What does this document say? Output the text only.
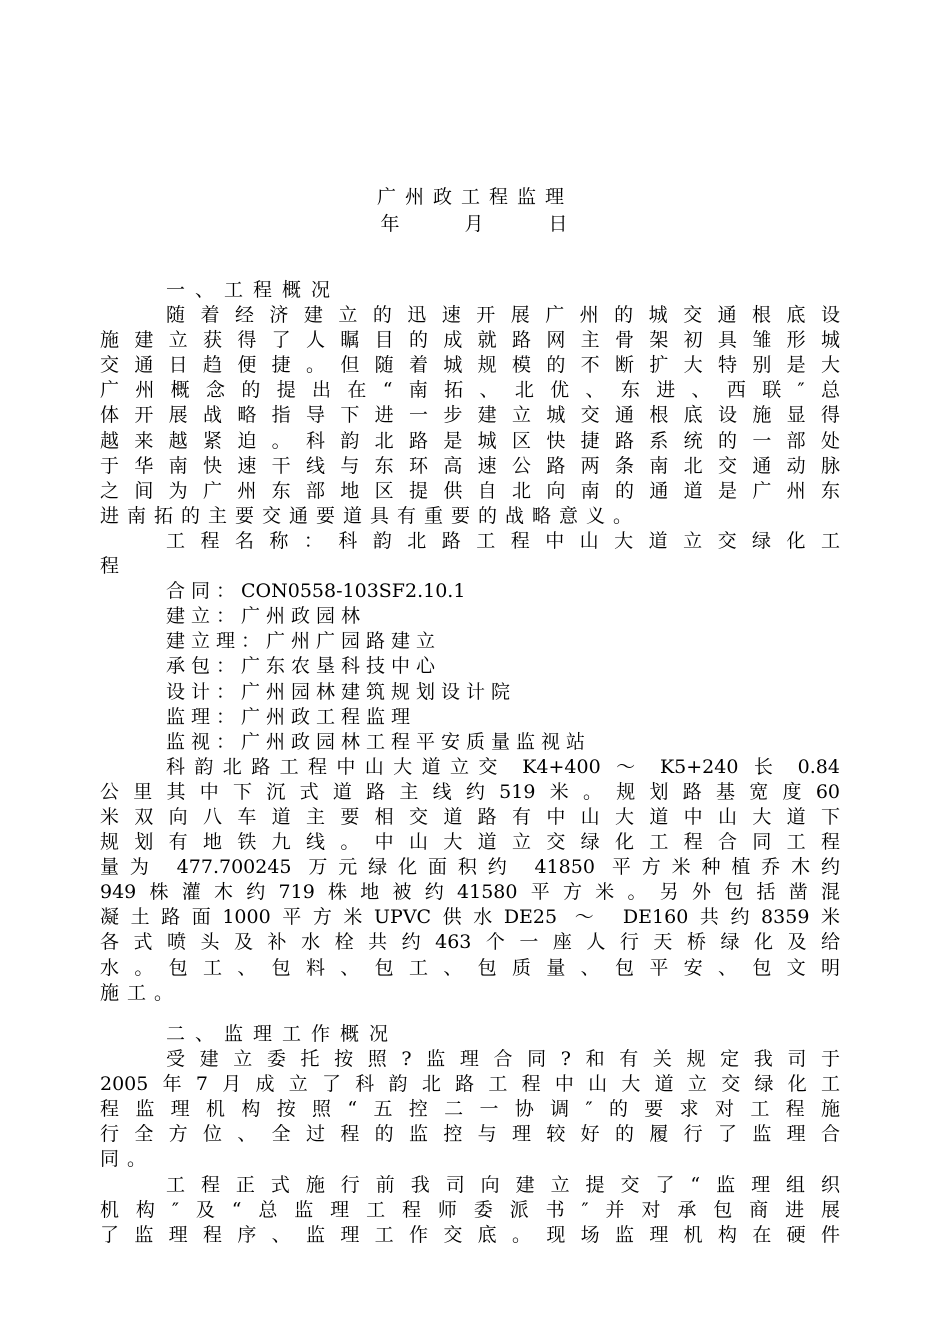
广州政工程监理
年　　　月　　　日
一、工程概况
随着经济建立的迅速开展广州的城交通根底设
施建立获得了人瞩目的成就路网主骨架初具雏形城
交通日趋便捷。但随着城规模的不断扩大特别是大
广州概念的提出在“南拓、北优、东进、西联″总
体开展战略指导下进一步建立城交通根底设施显得
越来越紧迫。科韵北路是城区快捷路系统的一部处
于华南快速干线与东环高速公路两条南北交通动脉
之间为广州东部地区提供自北向南的通道是广州东
进南拓的主要交通要道具有重要的战略意义。
工程名称：科韵北路工程中山大道立交绿化工
程
合同：CON0558-103SF2.10.1
建立：广州政园林
建立理：广州广园路建立
承包：广东农垦科技中心
设计：广州园林建筑规划设计院
监理：广州政工程监理
监视：广州政园林工程平安质量监视站
科韵北路工程中山大道立交 K4+400 ～ K5+240 长 0.84
公里其中下沉式道路主线约519米。规划路基宽度60
米双向八车道主要相交道路有中山大道中山大道下
规划有地铁九线。中山大道立交绿化工程合同工程
量为 477.700245 万元绿化面积约 41850 平方米种植乔木约
949株灌木约719株地被约41580平方米。另外包括凿混
凝土路面1000平方米UPVC供水DE25 ～ DE160共约8359米
各式喷头及补水栓共约463个一座人行天桥绿化及给
水。包工、包料、包工、包质量、包平安、包文明
施工。
二、监理工作概况
受建立委托按照?监理合同?和有关规定我司于
2005年7月成立了科韵北路工程中山大道立交绿化工
程监理机构按照“五控二一协调″的要求对工程施
行全方位、全过程的监控与理较好的履行了监理合
同。
工程正式施行前我司向建立提交了“监理组织
机构″及“总监理工程师委派书″并对承包商进展
了监理程序、监理工作交底。现场监理机构在硬件
